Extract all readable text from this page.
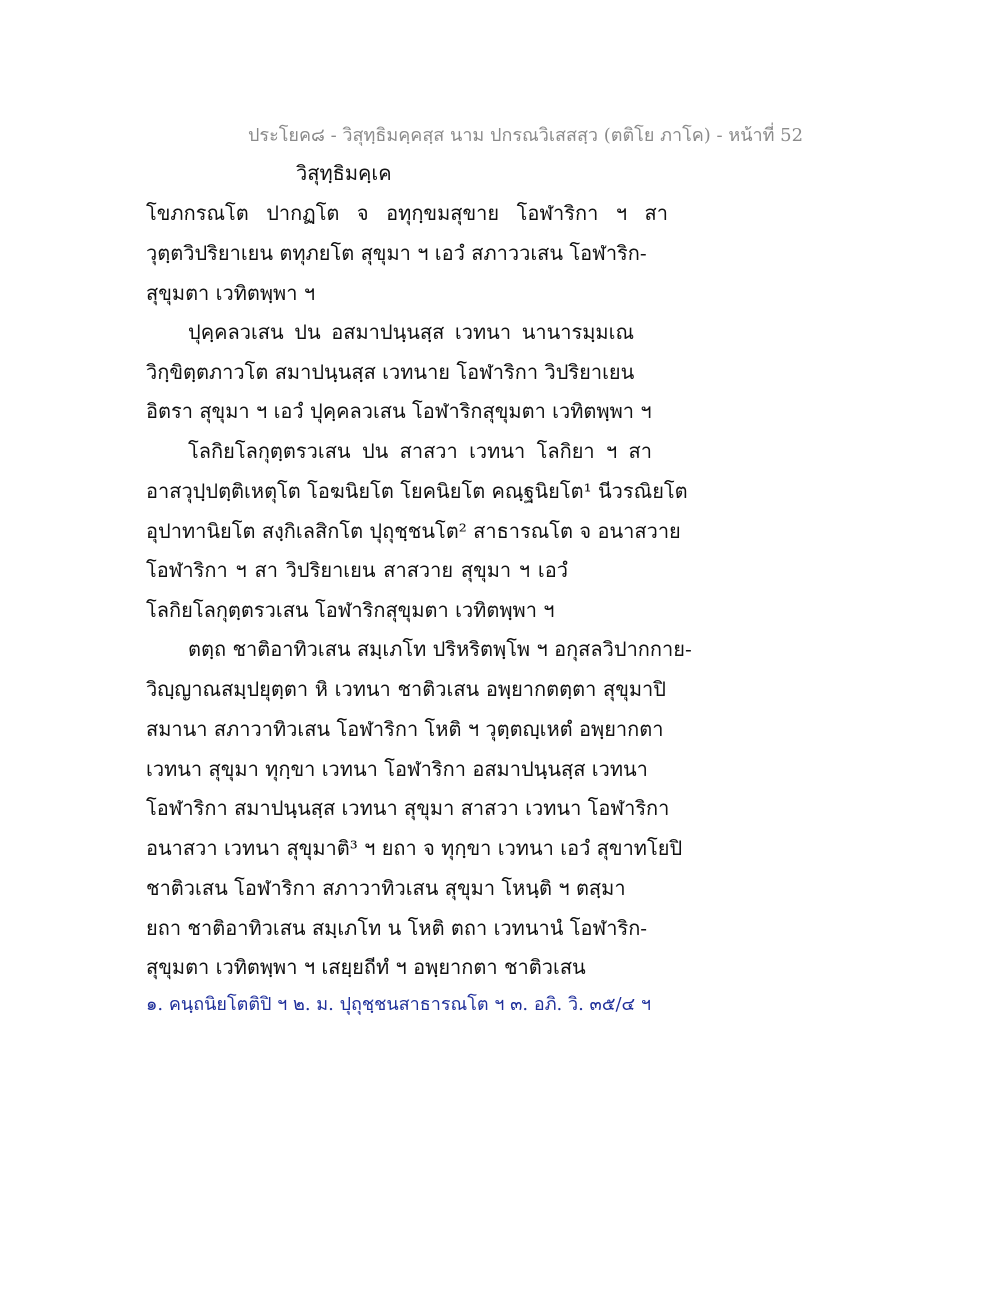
ประโยค๘ - วิสุทฺธิมคฺคสฺส นาม ปกรณวิเสสสฺว (ตติโย ภาโค) - หน้าที่ 52
วิสุทฺธิมคฺเค
โขภกรณโต ปากฏโต จ อทุกฺขมสุขาย โอฬาริกา ฯ สา
วุตฺตวิปริยาเยน ตทุภยโต สุขุมา ฯ เอวํ สภาววเสน โอฬาริก-
สุขุมตา เวทิตพฺพา ฯ
ปุคฺคลวเสน ปน อสมาปนฺนสฺส เวทนา นานารมฺมเณ
วิกฺขิตฺตภาวโต สมาปนฺนสฺส เวทนาย โอฬาริกา วิปริยาเยน
อิตรา สุขุมา ฯ เอวํ ปุคฺคลวเสน โอฬาริกสุขุมตา เวทิตพฺพา ฯ
โลกิยโลกุตฺตรวเสน ปน สาสวา เวทนา โลกิยา ฯ สา
อาสวุปฺปตฺติเหตุโต โอฆนิยโต โยคนิยโต คณฺฐนิยโต¹ นีวรณิยโต
อุปาทานิยโต สงฺกิเลสิกโต ปุถุชฺชนโต² สาธารณโต จ อนาสวาย
โอฬาริกา ฯ สา วิปริยาเยน สาสวาย สุขุมา ฯ เอวํ
โลกิยโลกุตฺตรวเสน โอฬาริกสุขุมตา เวทิตพฺพา ฯ
ตตฺถ ชาติอาทิวเสน สมฺเภโท ปริหริตพฺโพ ฯ อกุสลวิปากกาย-
วิญฺญาณสมฺปยุตฺตา หิ เวทนา ชาติวเสน อพฺยากตตฺตา สุขุมาปิ
สมานา สภาวาทิวเสน โอฬาริกา โหติ ฯ วุตฺตญฺเหตํ อพฺยากตา
เวทนา สุขุมา ทุกฺขา เวทนา โอฬาริกา อสมาปนฺนสฺส เวทนา
โอฬาริกา สมาปนฺนสฺส เวทนา สุขุมา สาสวา เวทนา โอฬาริกา
อนาสวา เวทนา สุขุมาติ³ ฯ ยถา จ ทุกฺขา เวทนา เอวํ สุขาทโยปิ
ชาติวเสน โอฬาริกา สภาวาทิวเสน สุขุมา โหนฺติ ฯ ตสฺมา
ยถา ชาติอาทิวเสน สมฺเภโท น โหติ ตถา เวทนานํ โอฬาริก-
สุขุมตา เวทิตพฺพา ฯ เสยฺยถีทํ ฯ อพฺยากตา ชาติวเสน
๑. คนฺถนิยโตติปิ ฯ ๒. ม. ปุถุชฺชนสาธารณโต ฯ ๓. อภิ. วิ. ๓๕/๔ ฯ
